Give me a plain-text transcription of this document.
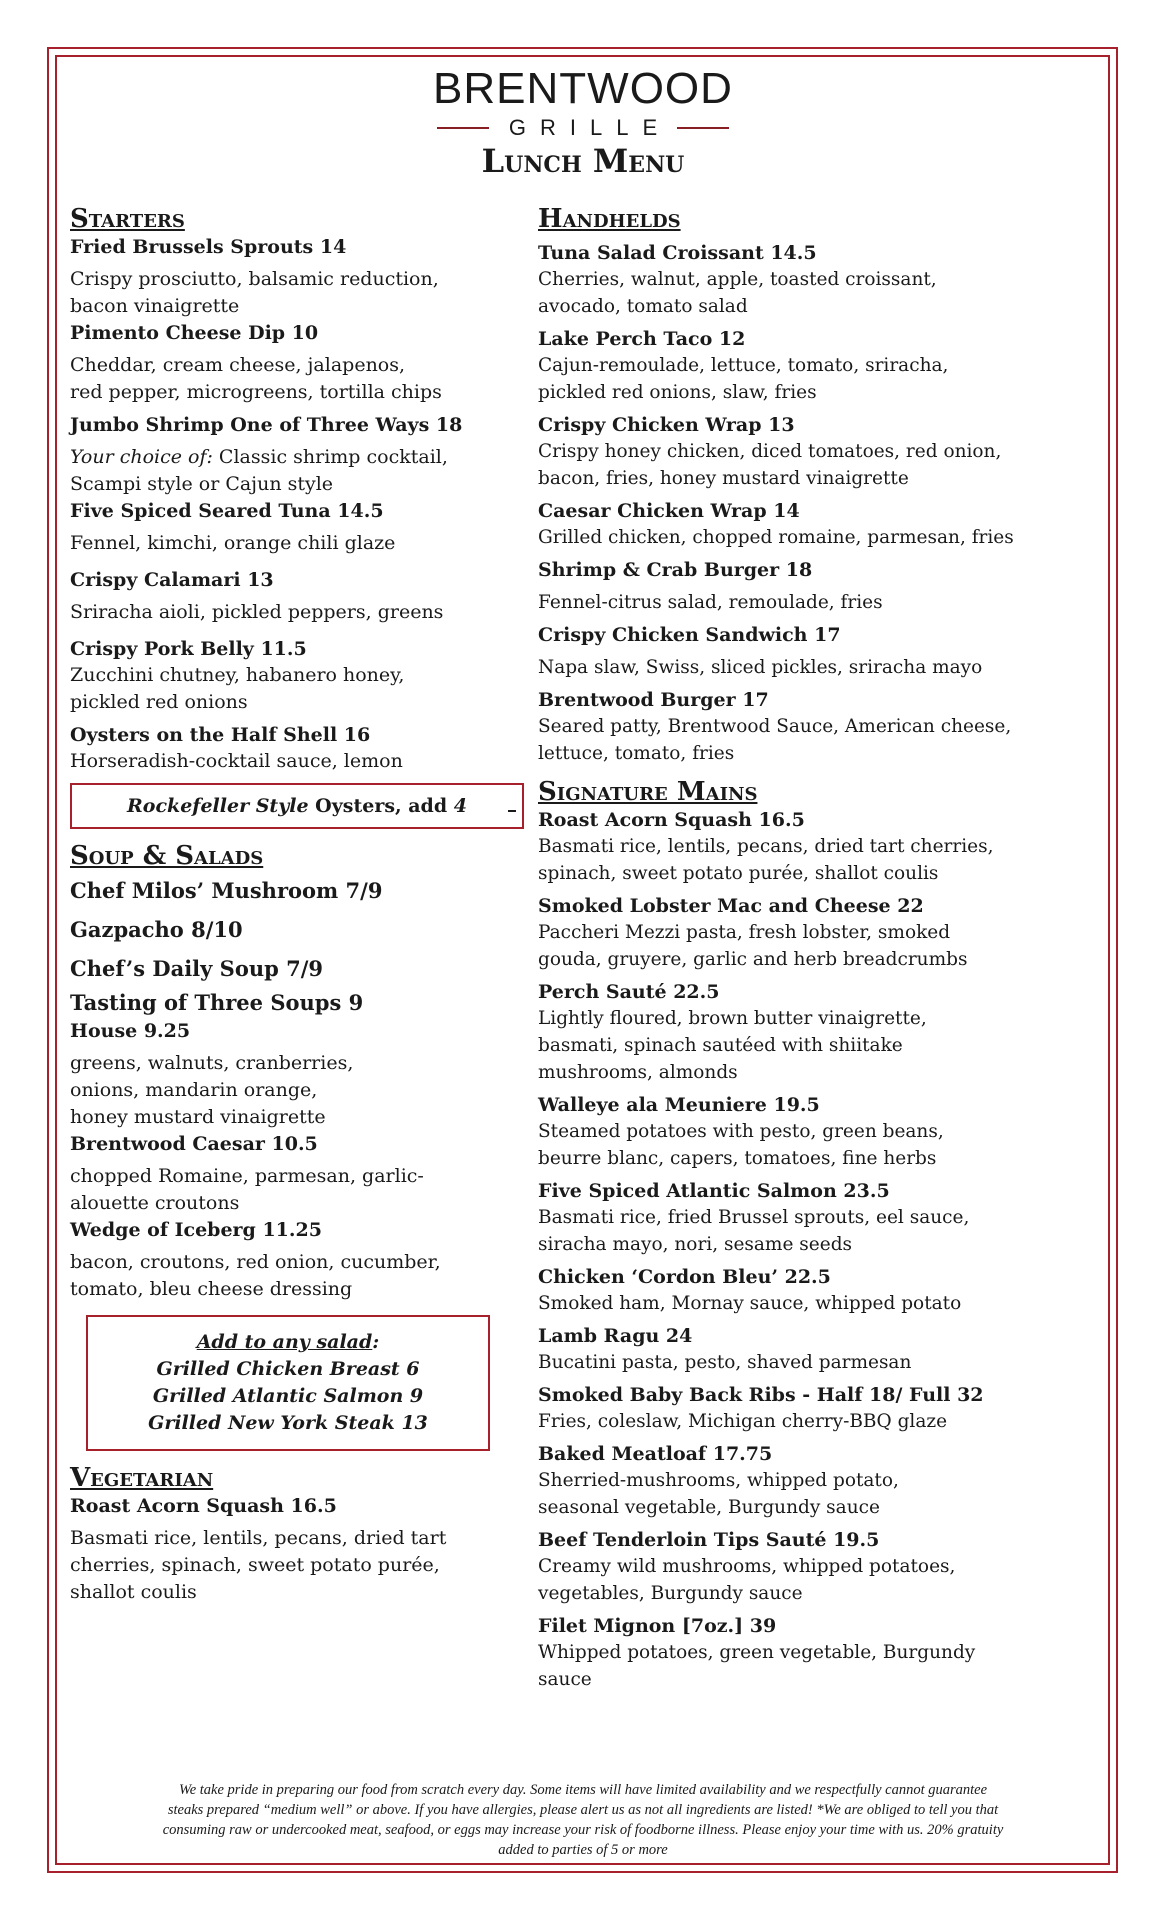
BRENTWOOD
GRILLE
Lunch Menu
Starters
Fried Brussels Sprouts 14
Crispy prosciutto, balsamic reduction,
bacon vinaigrette
Pimento Cheese Dip 10
Cheddar, cream cheese, jalapenos,
red pepper, microgreens, tortilla chips
Jumbo Shrimp One of Three Ways 18
Your choice of: Classic shrimp cocktail,
Scampi style or Cajun style
Five Spiced Seared Tuna 14.5
Fennel, kimchi, orange chili glaze
Crispy Calamari 13
Sriracha aioli, pickled peppers, greens
Crispy Pork Belly 11.5
Zucchini chutney, habanero honey,
pickled red onions
Oysters on the Half Shell 16
Horseradish-cocktail sauce, lemon
Rockefeller Style Oysters, add 4
Soup & Salads
Chef Milos’ Mushroom 7/9
Gazpacho 8/10
Chef’s Daily Soup 7/9
Tasting of Three Soups 9
House 9.25
greens, walnuts, cranberries,
onions, mandarin orange,
honey mustard vinaigrette
Brentwood Caesar 10.5
chopped Romaine, parmesan, garlic-
alouette croutons
Wedge of Iceberg 11.25
bacon, croutons, red onion, cucumber,
tomato, bleu cheese dressing
Add to any salad:
Grilled Chicken Breast 6
Grilled Atlantic Salmon 9
Grilled New York Steak 13
Vegetarian
Roast Acorn Squash 16.5
Basmati rice, lentils, pecans, dried tart
cherries, spinach, sweet potato purée,
shallot coulis
Handhelds
Tuna Salad Croissant 14.5
Cherries, walnut, apple, toasted croissant,
avocado, tomato salad
Lake Perch Taco 12
Cajun-remoulade, lettuce, tomato, sriracha,
pickled red onions, slaw, fries
Crispy Chicken Wrap 13
Crispy honey chicken, diced tomatoes, red onion,
bacon, fries, honey mustard vinaigrette
Caesar Chicken Wrap 14
Grilled chicken, chopped romaine, parmesan, fries
Shrimp & Crab Burger 18
Fennel-citrus salad, remoulade, fries
Crispy Chicken Sandwich 17
Napa slaw, Swiss, sliced pickles, sriracha mayo
Brentwood Burger 17
Seared patty, Brentwood Sauce, American cheese,
lettuce, tomato, fries
Signature Mains
Roast Acorn Squash 16.5
Basmati rice, lentils, pecans, dried tart cherries,
spinach, sweet potato purée, shallot coulis
Smoked Lobster Mac and Cheese 22
Paccheri Mezzi pasta, fresh lobster, smoked
gouda, gruyere, garlic and herb breadcrumbs
Perch Sauté 22.5
Lightly floured, brown butter vinaigrette,
basmati, spinach sautéed with shiitake
mushrooms, almonds
Walleye ala Meuniere 19.5
Steamed potatoes with pesto, green beans,
beurre blanc, capers, tomatoes, fine herbs
Five Spiced Atlantic Salmon 23.5
Basmati rice, fried Brussel sprouts, eel sauce,
siracha mayo, nori, sesame seeds
Chicken ‘Cordon Bleu’ 22.5
Smoked ham, Mornay sauce, whipped potato
Lamb Ragu 24
Bucatini pasta, pesto, shaved parmesan
Smoked Baby Back Ribs - Half 18/ Full 32
Fries, coleslaw, Michigan cherry-BBQ glaze
Baked Meatloaf 17.75
Sherried-mushrooms, whipped potato,
seasonal vegetable, Burgundy sauce
Beef Tenderloin Tips Sauté 19.5
Creamy wild mushrooms, whipped potatoes,
vegetables, Burgundy sauce
Filet Mignon [7oz.] 39
Whipped potatoes, green vegetable, Burgundy
sauce
We take pride in preparing our food from scratch every day. Some items will have limited availability and we respectfully cannot guarantee
steaks prepared “medium well” or above. If you have allergies, please alert us as not all ingredients are listed! *We are obliged to tell you that
consuming raw or undercooked meat, seafood, or eggs may increase your risk of foodborne illness. Please enjoy your time with us. 20% gratuity
added to parties of 5 or more
